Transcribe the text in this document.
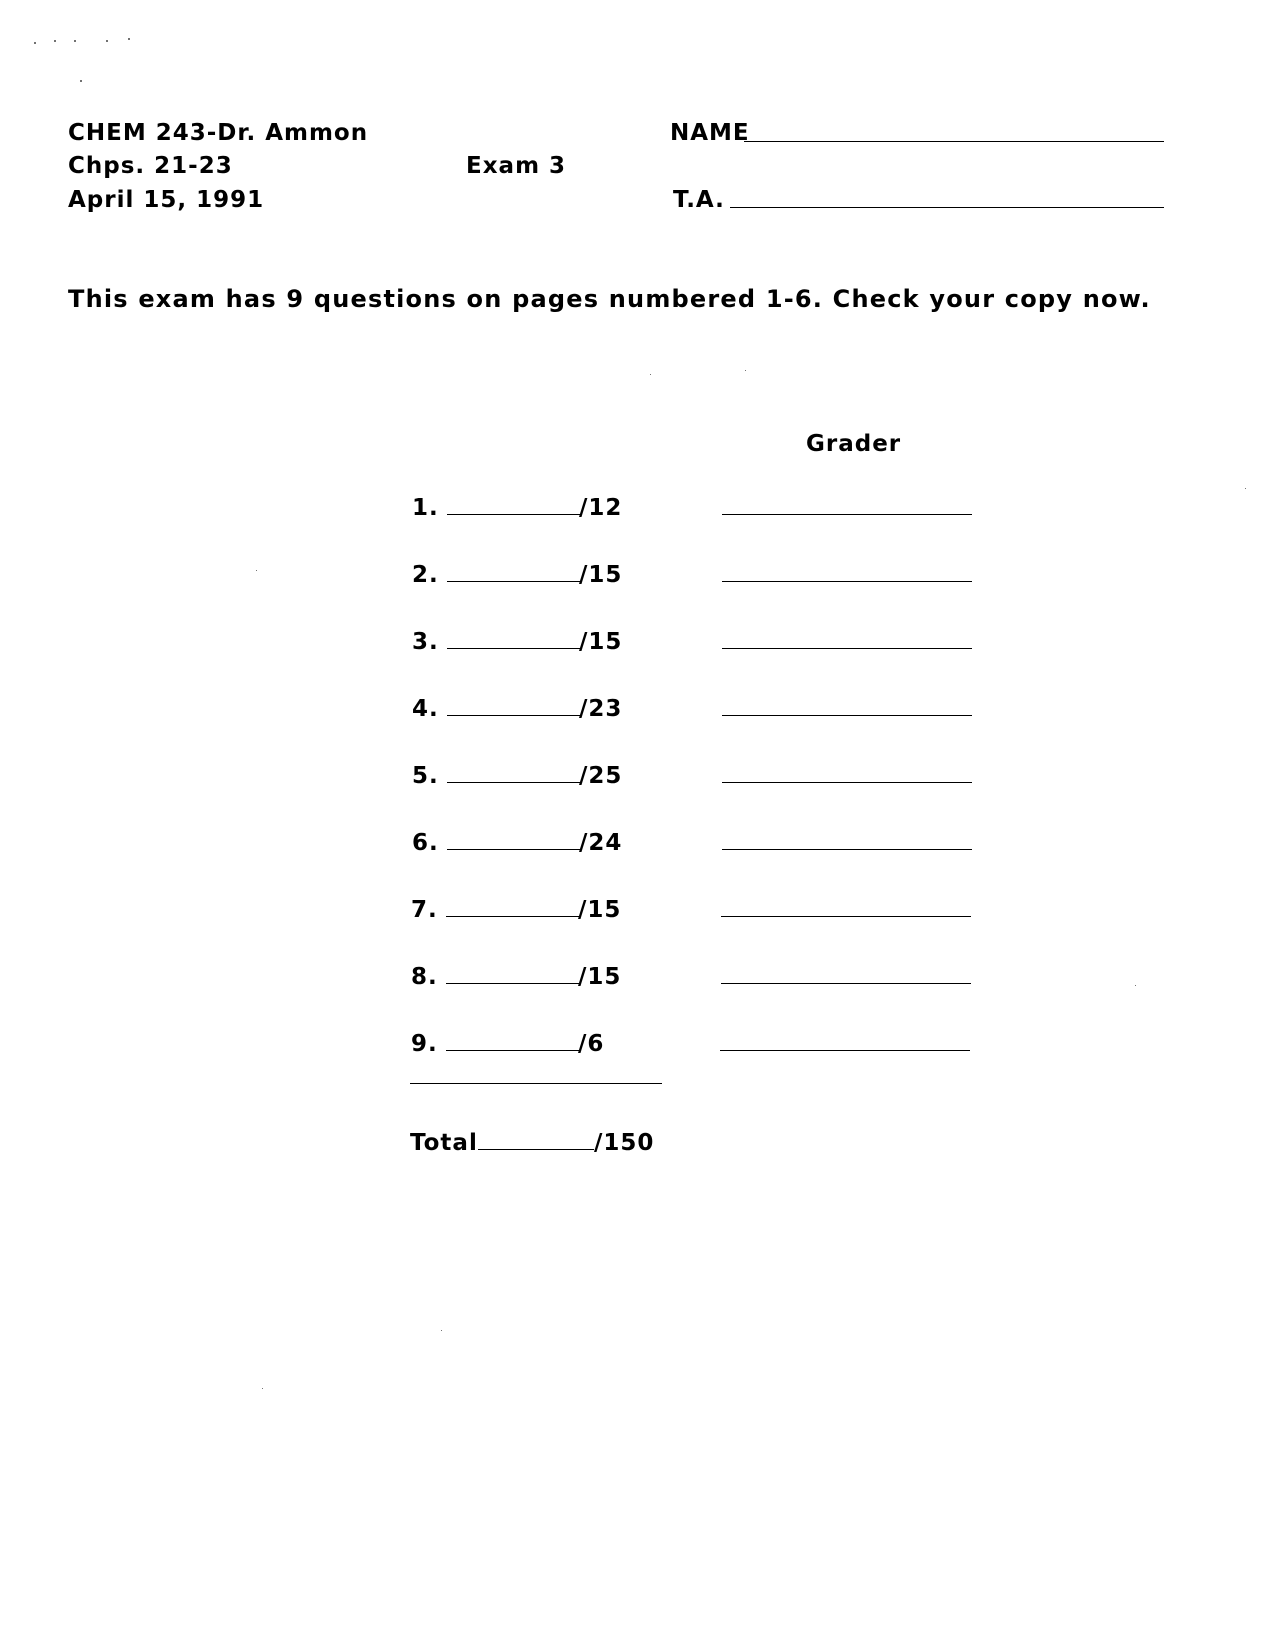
CHEM 243-Dr. Ammon
Chps. 21-23
April 15, 1991
Exam 3
NAME
T.A.
This exam has 9 questions on pages numbered 1-6. Check your copy now.
Grader
1.	/12
2.	/15
3.	/15
4.	/23
5.	/25
6.	/24
7.	/15
8.	/15
9.	/6
Total	/150
